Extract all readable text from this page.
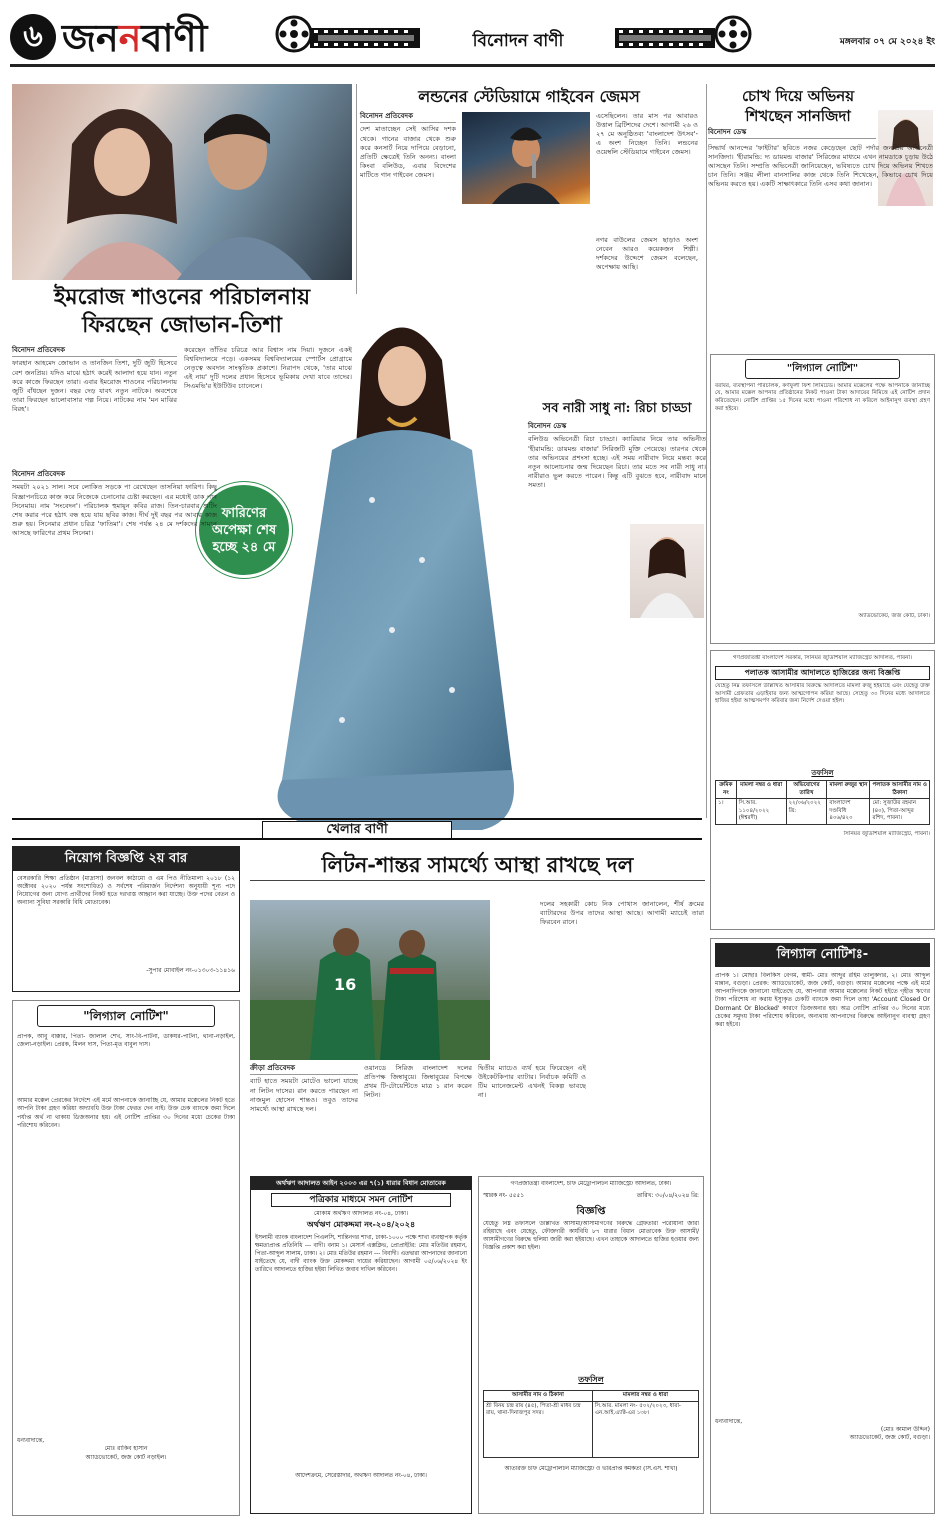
৬ জননবাণী	বিনোদন বাণী	মঙ্গলবার ০৭ মে ২০২৪ ইং
ইমরোজ শাওনের পরিচালনায়
ফিরছেন জোভান-তিশা
বিনোদন প্রতিবেদক
ফারহান আহমেদ জোভান ও তানজিন তিশা, দুটি জুটি হিসেবে বেশ জনপ্রিয়। যদিও মাঝে হঠাৎ করেই আলাদা হয়ে যান। নতুন করে কাজে ফিরছেন তারা। এবার ইমরোজ শাওনের পরিচালনায় জুটি বাঁধছেন দুজন। বছর দেড় যাবৎ নতুন নাটকে। অবশেষে তারা ফিরছেন ভালোবাসার গল্প নিয়ে। নাটকের নাম 'মন মাঝির বিরহ'।
করেছেন তাঁতির চরিত্রে আর বিশ্বাস নাম দিয়া। দুজনে একই বিশ্ববিদ্যালয়ে পড়ে। একসময় বিশ্ববিদ্যালয়ের স্পোর্টস প্রোগ্রামে নেতৃত্বে অবদান সাংস্কৃতিক প্রকাশে। নিরাপদ থেকে, 'তার মাঝে এই নায়' দুটি দলের প্রধান হিসেবে ভূমিকায় দেখা যাবে তাদের। সিএমভি'র ইউটিউব চ্যানেলে।
লন্ডনের স্টেডিয়ামে গাইবেন জেমস
বিনোদন প্রতিবেদক
দেশ মাতাচ্ছেন সেই আসির দশক থেকে। গানের বাজার থেকে শুরু করে কনসার্ট নিয়ে দাপিয়ে বেড়ানো, প্রতিটি ক্ষেত্রেই তিনি অনন্য। বাংলা কিংবা বলিউড, এবার বিদেশের মাটিতে গান গাইবেন জেমস।
এসেছিলেন। তার মাস পর আবারও উত্তাল ব্রিটিশদের দেশে। আগামী ২৬ ও ২৭ মে অনুষ্ঠিতব্য 'বাংলাদেশ উৎসব'-এ অংশ নিচ্ছেন তিনি। লন্ডনের ওয়েম্বলি স্টেডিয়ামে গাইবেন জেমস।
নগর বাউলের জেমস ছাড়াও অংশ নেবেন আরও কয়েকজন শিল্পী। দর্শকদের উদ্দেশে জেমস বলেছেন, অপেক্ষায় আছি।
চোখ দিয়ে অভিনয়
শিখছেন সানজিদা
বিনোদন ডেস্ক
সিদ্ধার্থ আনন্দের 'ফাইটার' ছবিতে নজর কেড়েছেন ছোট পর্দার জনপ্রিয় অভিনেত্রী সানজিদা। 'হীরামন্ডি: দ্য ডায়মন্ড বাজার' সিরিজের মাধ্যমে এখন নামডাকে চূড়ায় উঠে আসছেন তিনি। সম্প্রতি অভিনেত্রী জানিয়েছেন, ভবিষ্যতে চোখ দিয়ে অভিনয় শিখতে চান তিনি। সঞ্জয় লীলা বানসালির কাজ থেকে তিনি শিখেছেন, কিভাবে চোখ দিয়ে অভিনয় করতে হয়। একটি সাক্ষাৎকারে তিনি এসব কথা জানান।
ফারিণের অপেক্ষা শেষ হচ্ছে ২৪ মে
বিনোদন প্রতিবেদক
সময়টা ২০২১ সাল। সবে লোকিত সড়কে পা রেখেছেন তাসনিয়া ফারিণ। কিছু বিজ্ঞাপনচিত্রে কাজ করে নিজেকে চেনানোর চেষ্টা করছেন। এর মধ্যেই ডাক পান সিনেমায়। নাম 'সংবেদন'। পরিচালক হুমায়ূন কবির রাজ। তিন-চারবার শুটিং শেষ করার পরে হঠাৎ বন্ধ হয়ে যায় ছবির কাজ। দীর্ঘ দুই বছর পর আবার কাজ শুরু হয়। সিনেমার প্রধান চরিত্র 'ফাতিমা'। শেষ পর্যন্ত ২৪ মে দর্শকদের সামনে আসছে ফারিণের প্রথম সিনেমা।
সব নারী সাধু না: রিচা চাড্ডা
বিনোদন ডেস্ক
বলিউড অভিনেত্রী রিচা চাড্ডা। ক্যারিয়ার নিয়ে তার অভিনীত 'হীরামন্ডি: ডায়মন্ড বাজার' সিরিজটি মুক্তি পেয়েছে। তারপর থেকে তার অভিনয়ের প্রশংসা হচ্ছে। এই সময় নারীবাদ নিয়ে মন্তব্য করে নতুন আলোচনার জন্ম দিয়েছেন রিচা। তার মতে সব নারী সাধু না। নারীরাও ভুল করতে পারেন। কিন্তু এটি বুঝতে হবে, নারীবাদ মানে সমতা।
"লিগ্যাল নোটিশ"
বরাবর, ব্যবস্থাপনা পরিচালক, কর্ণফুলী ফিশ লিমিটেড। আমার মক্কেলের পক্ষে আপনাকে জানাচ্ছি যে, আমার মক্কেল আপনার প্রতিষ্ঠানের নিকট পাওনা টাকা আদায়ের নিমিত্তে এই নোটিশ প্রদান করিতেছেন। নোটিশ প্রাপ্তির ১৫ দিনের মধ্যে পাওনা পরিশোধ না করিলে আইনানুগ ব্যবস্থা গ্রহণ করা হইবে।
অ্যাডভোকেট, জজ কোর্ট, ঢাকা।
গণপ্রজাতন্ত্রী বাংলাদেশ সরকার, সিনিয়র জুডিশিয়াল ম্যাজিস্ট্রেট আদালত, পাবনা।
পলাতক আসামীর আদালতে হাজিরের জন্য বিজ্ঞপ্তি
যেহেতু নিম্ন তফসিলে উল্লিখিত আসামীর বিরুদ্ধে আদালতে মামলা রুজু হইয়াছে এবং যেহেতু উক্ত আসামী গ্রেফতার এড়াইবার জন্য আত্মগোপন করিয়া আছে। সেহেতু ৩০ দিনের মধ্যে আদালতে হাজির হইয়া আত্মসমর্পণ করিবার জন্য নির্দেশ দেওয়া হইল।
তফসিল
ক্রমিক নং	মামলা নম্বর ও ধারা	অভিযোগের তারিখ	মামলা রুজুর স্থান	পলাতক আসামীর নাম ও ঠিকানা
১।	সি.আর. ১১০৪/২০২২ (ঈশ্বরদী)	২২/০৬/২০২২ খ্রি:	বাংলাদেশ দণ্ডবিধি ৪০৬/৪২০	মো: সুজাউর রহমান (৪০), পিতা-আব্দুর রশিদ, পাবনা।
সিনিয়র জুডিশিয়াল ম্যাজিস্ট্রেট, পাবনা।
খেলার বাণী
নিয়োগ বিজ্ঞপ্তি ২য় বার
বেসরকারি শিক্ষা প্রতিষ্ঠান (মাদ্রাসা) জনবল কাঠামো ও এম পিও নীতিমালা ২০১৮ (১২ অক্টোবর ২০২০ পর্যন্ত সংশোধিত) ও সর্বশেষ পরিমার্জন নির্দেশনা অনুযায়ী শূন্য পদে নিয়োগের জন্য যোগ্য প্রার্থীদের নিকট হতে দরখাস্ত আহ্বান করা যাচ্ছে। উক্ত পদের বেতন ও অন্যান্য সুবিধা সরকারি বিধি মোতাবেক।
-সুপার মোবাইল নং-০১৩০৩-১১৪১৬
লিটন-শান্তর সামর্থ্যে আস্থা রাখছে দল
16
ক্রীড়া প্রতিবেদক
ব্যাট হাতে সময়টা মোটেও ভালো যাচ্ছে না লিটন দাসের। রান করতে পারছেন না নাজমুল হোসেন শান্তও। তবুও তাদের সামর্থ্যে আস্থা রাখছে দল।
ওয়ানডে সিরিজ বাংলাদেশ দলের প্রতিপক্ষ জিম্বাবুয়ে। জিম্বাবুয়ের বিপক্ষে প্রথম টি-টোয়েন্টিতে মাত্র ১ রান করেন লিটন।
দ্বিতীয় ম্যাচেও ব্যর্থ হয়ে ফিরেছেন এই উইকেটকিপার ব্যাটার। নির্বাচক কমিটি ও টিম ম্যানেজমেন্ট এখনই বিকল্প ভাবছে না।
দলের সহকারী কোচ নিক পোথাস জানালেন, শীর্ষ ক্রমের ব্যাটারদের উপর তাদের আস্থা আছে। আগামী ম্যাচেই তারা ফিরবেন রানে।
"লিগ্যাল নোটিশ"
প্রাপক, আবু বাক্কার, পিতা- জালাল শেখ, সাং-বি-পাটনা, ডাকঘর-পাটনা, থানা-নড়াইল, জেলা-নড়াইল। প্রেরক, মিলন দাস, পিতা-মৃত বাবুল দাস।
আমার মক্কেল প্রেরকের নির্দেশে এই মর্মে আপনাকে জানাচ্ছি যে, আমার মক্কেলের নিকট হতে আপনি টাকা গ্রহণ করিয়া অদ্যাবধি উক্ত টাকা ফেরত দেন নাই। উক্ত চেক ব্যাংকে জমা দিলে পর্যাপ্ত অর্থ না থাকায় ডিজঅনার হয়। এই নোটিশ প্রাপ্তির ৩০ দিনের মধ্যে চেকের টাকা পরিশোধ করিবেন।
ধন্যবাদান্তে,
মোঃ রাকিব হাসান
অ্যাডভোকেট, জজ কোর্ট নড়াইল।
অর্থঋণ আদালত আইন ২০০৩ এর ৭(১) ধারার বিধান মোতাবেক
পত্রিকার মাধ্যমে সমন নোটিশ
মোকাম অর্থঋণ আদালত নং-০৪, ঢাকা।
অর্থঋণ মোকদ্দমা নং-২০৪/২০২৪
ইসলামী ব্যাংক বাংলাদেশ পিএলসি, শান্তিনগর শাখা, ঢাকা-১০০০ পক্ষে শাখা ব্যবস্থাপক কর্তৃক ক্ষমতাপ্রাপ্ত প্রতিনিধি --- বাদী। বনাম ১। মেসার্স এক্সক্লিভ, প্রোপ্রাইটর: মোঃ মতিউর রহমান, পিতা-আব্দুল সালাম, ঢাকা। ২। মোঃ মতিউর রহমান --- বিবাদী। এতদ্বারা আপনাদের জানানো যাইতেছে যে, বাদী ব্যাংক উক্ত মোকদ্দমা দায়ের করিয়াছেন। আগামী ০৫/০৬/২০২৪ ইং তারিখে আদালতে হাজির হইয়া লিখিত জবাব দাখিল করিবেন।
আদেশক্রমে, সেরেস্তাদার, অর্থঋণ আদালত নং-০৪, ঢাকা।
গণপ্রজাতন্ত্রী বাংলাদেশ, চীফ মেট্রোপলিটন ম্যাজিস্ট্রেট আদালত, ঢাকা।
স্মারক নং- ৫৫৫১	তারিখ: ৩০/০৪/২০২৪ খ্রি:
বিজ্ঞপ্তি
যেহেতু নিম্ন তফসিলে উল্লিখিত আসামী/আসামীগণের বিরুদ্ধে গ্রেফতারী পরোয়ানা জারী রহিয়াছে এবং যেহেতু, ফৌজদারী কার্যবিধি ৮৭ ধারার বিধান মোতাবেক উক্ত আসামী/আসামীগণের বিরুদ্ধে হুলিয়া জারী করা হইয়াছে। এখন তাহাকে আদালতে হাজির হওয়ার জন্য বিজ্ঞপ্তি প্রকাশ করা হইল।
তফসিল
আসামীর নাম ও ঠিকানা	মামলার নম্বর ও ধারা
শ্রী বিনয় চন্দ্র রায় (৪৫), পিতা-শ্রী মাধব চন্দ্র রায়, থানা-দিনাজপুর সদর।	সি.আর. মামলা নং- ৫০২/২০২৩, ধারা- এন.আই.এ্যাক্ট-এর ১৩৮।
অতিরিক্ত চীফ মেট্রোপলিটন ম্যাজিস্ট্রেট ও ভারপ্রাপ্ত কর্মকর্তা (সি.এস. শাখা)
লিগ্যাল নোটিশঃ-
প্রাপক ১। মোছাঃ বিলকিস বেগম, স্বামী- মোঃ আব্দুর রহিম তালুকদার, ২। মোঃ আব্দুল মান্নান, বগুড়া। প্রেরক: অ্যাডভোকেট, জজ কোর্ট, বগুড়া। আমার মক্কেলের পক্ষে এই মর্মে আপনাদিগকে জানানো যাইতেছে যে, আপনারা আমার মক্কেলের নিকট হইতে গৃহীত ঋণের টাকা পরিশোধ না করায় ইস্যুকৃত চেকটি ব্যাংকে জমা দিলে তাহা 'Account Closed Or Dormant Or Blocked' কারণে ডিজঅনার হয়। অত্র নোটিশ প্রাপ্তির ৩০ দিনের মধ্যে চেকের সমুদয় টাকা পরিশোধ করিবেন, অন্যথায় আপনাদের বিরুদ্ধে আইনানুগ ব্যবস্থা গ্রহণ করা হইবে।
ধন্যবাদান্তে,
(মোঃ কামাল উদ্দিন)
অ্যাডভোকেট, জজ কোর্ট, বগুড়া।
